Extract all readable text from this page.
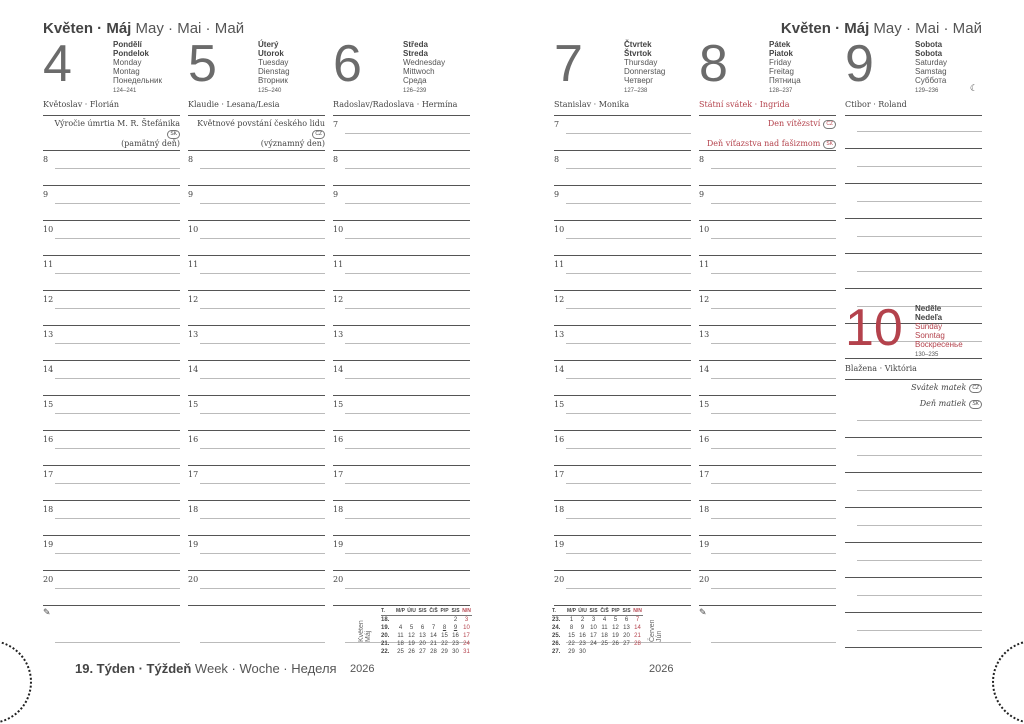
Květen · Máj May · Mai · Май
4	Pondělí
Pondelok
Monday
Montag
Понедельник
124–241
Květoslav · Florián
Výročie úmrtia M. R. ŠtefánikaSK
(pamätný deň)
8
9
10
11
12
13
14
15
16
17
18
19
20
✎
5	Úterý
Utorok
Tuesday
Dienstag
Вторник
125–240
Klaudie · Lesana/Lesia
Květnové povstání českého liduCZ
(významný den)
8
9
10
11
12
13
14
15
16
17
18
19
20
6	Středa
Streda
Wednesday
Mittwoch
Среда
126–239
Radoslav/Radoslava · Hermína
7
8
9
10
11
12
13
14
15
16
17
18
19
20
Květen Máj
T.	M/P	Ú/U	S/S	Č/Š	P/P	S/S	N/N
18.						2	3
19.	4	5	6	7	8	9	10
20.	11	12	13	14	15	16	17
21.	18	19	20	21	22	23	24
22.	25	26	27	28	29	30	31
19. Týden · Týždeň Week · Woche · Неделя 2026
Květen · Máj May · Mai · Май
7	Čtvrtek
Štvrtok
Thursday
Donnerstag
Четверг
127–238
Stanislav · Monika
7
8
9
10
11
12
13
14
15
16
17
18
19
20
8	Pátek
Piatok
Friday
Freitag
Пятница
128–237
Státní svátek · Ingrida
Den vítězství CZ
Deň víťazstva nad fašizmom SK
8
9
10
11
12
13
14
15
16
17
18
19
20
✎
9	Sobota
Sobota
Saturday
Samstag
Суббота
129–236
Ctibor · Roland
☾
10 Neděle
Nedeľa
Sunday
Sonntag
Воскресенье
130–235
Blažena · Viktória
Svátek matek CZ
Deň matiek SK
T.	M/P	Ú/U	S/S	Č/Š	P/P	S/S	N/N
23.	1	2	3	4	5	6	7
24.	8	9	10	11	12	13	14
25.	15	16	17	18	19	20	21
26.	22	23	24	25	26	27	28
27.	29	30					
Červen Jún
2026
